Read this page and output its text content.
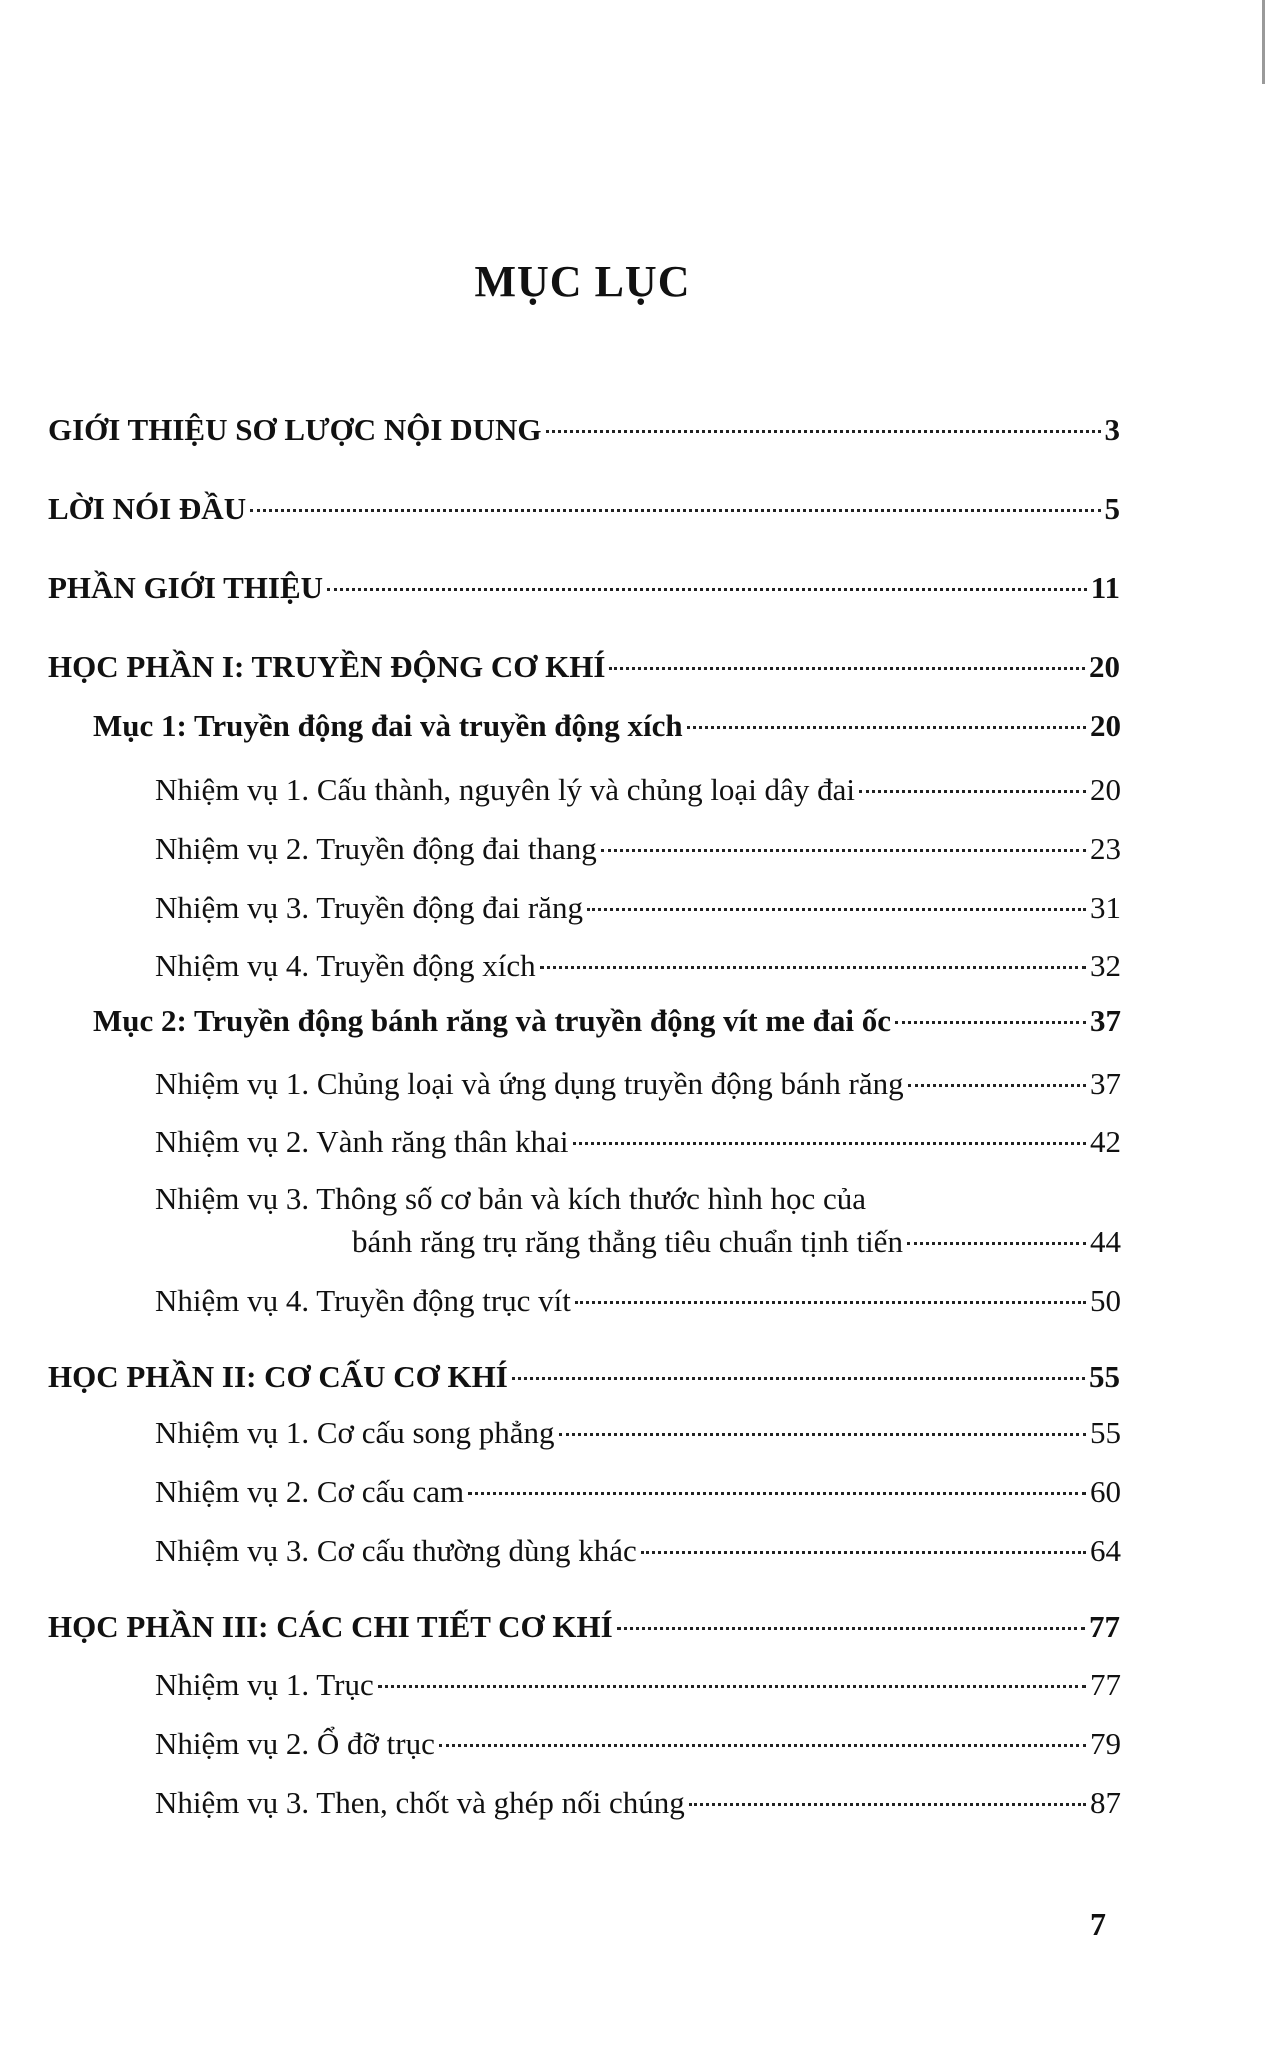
MỤC LỤC
GIỚI THIỆU SƠ LƯỢC NỘI DUNG	3
LỜI NÓI ĐẦU	5
PHẦN GIỚI THIỆU	11
HỌC PHẦN I: TRUYỀN ĐỘNG CƠ KHÍ	20
Mục 1: Truyền động đai và truyền động xích	20
Nhiệm vụ 1. Cấu thành, nguyên lý và chủng loại dây đai	20
Nhiệm vụ 2. Truyền động đai thang	23
Nhiệm vụ 3. Truyền động đai răng	31
Nhiệm vụ 4. Truyền động xích	32
Mục 2: Truyền động bánh răng và truyền động vít me đai ốc	37
Nhiệm vụ 1. Chủng loại và ứng dụng truyền động bánh răng	37
Nhiệm vụ 2. Vành răng thân khai	42
Nhiệm vụ 3. Thông số cơ bản và kích thước hình học của
bánh răng trụ răng thẳng tiêu chuẩn tịnh tiến	44
Nhiệm vụ 4. Truyền động trục vít	50
HỌC PHẦN II: CƠ CẤU CƠ KHÍ	55
Nhiệm vụ 1. Cơ cấu song phẳng	55
Nhiệm vụ 2. Cơ cấu cam	60
Nhiệm vụ 3. Cơ cấu thường dùng khác	64
HỌC PHẦN III: CÁC CHI TIẾT CƠ KHÍ	77
Nhiệm vụ 1. Trục	77
Nhiệm vụ 2. Ổ đỡ trục	79
Nhiệm vụ 3. Then, chốt và ghép nối chúng	87
7
